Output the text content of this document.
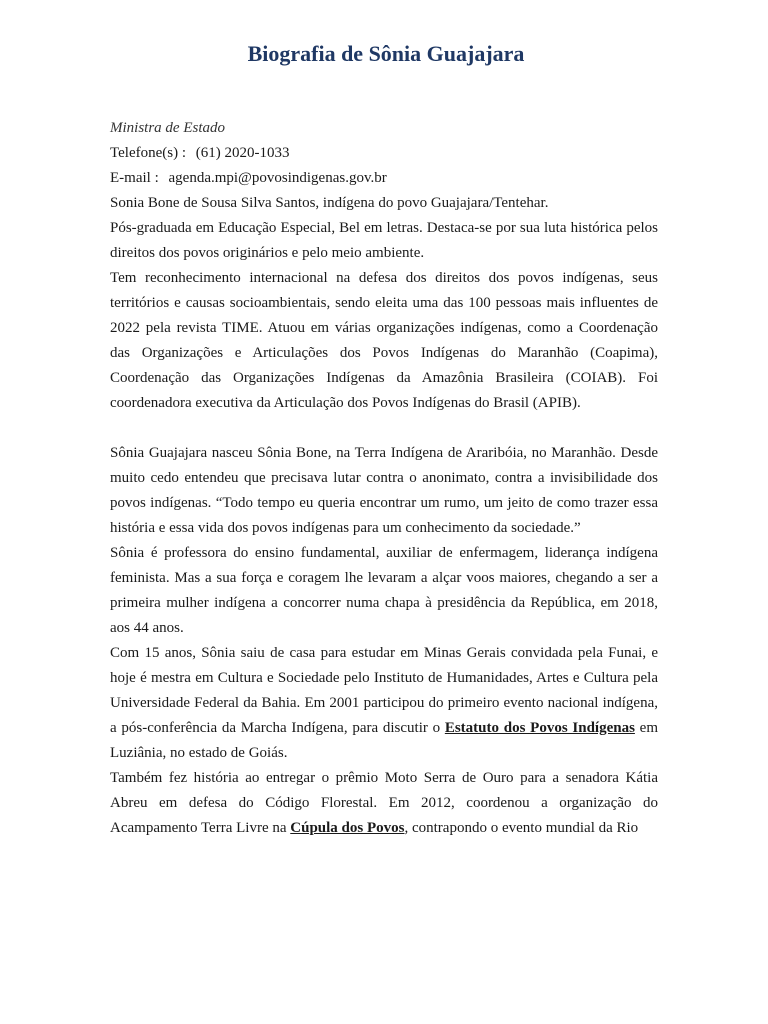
Biografia de Sônia Guajajara

Ministra de Estado

Telefone(s) : (61) 2020-1033

E-mail : agenda.mpi@povosindigenas.gov.br

Sonia Bone de Sousa Silva Santos, indígena do povo Guajajara/Tentehar.

Pós-graduada em Educação Especial, Bel em letras. Destaca-se por sua luta histórica pelos direitos dos povos originários e pelo meio ambiente.

Tem reconhecimento internacional na defesa dos direitos dos povos indígenas, seus territórios e causas socioambientais, sendo eleita uma das 100 pessoas mais influentes de 2022 pela revista TIME. Atuou em várias organizações indígenas, como a Coordenação das Organizações e Articulações dos Povos Indígenas do Maranhão (Coapima), Coordenação das Organizações Indígenas da Amazônia Brasileira (COIAB). Foi coordenadora executiva da Articulação dos Povos Indígenas do Brasil (APIB).

Sônia Guajajara nasceu Sônia Bone, na Terra Indígena de Araribóia, no Maranhão. Desde muito cedo entendeu que precisava lutar contra o anonimato, contra a invisibilidade dos povos indígenas. “Todo tempo eu queria encontrar um rumo, um jeito de como trazer essa história e essa vida dos povos indígenas para um conhecimento da sociedade.”

Sônia é professora do ensino fundamental, auxiliar de enfermagem, liderança indígena feminista. Mas a sua força e coragem lhe levaram a alçar voos maiores, chegando a ser a primeira mulher indígena a concorrer numa chapa à presidência da República, em 2018, aos 44 anos.

Com 15 anos, Sônia saiu de casa para estudar em Minas Gerais convidada pela Funai, e hoje é mestra em Cultura e Sociedade pelo Instituto de Humanidades, Artes e Cultura pela Universidade Federal da Bahia. Em 2001 participou do primeiro evento nacional indígena, a pós-conferência da Marcha Indígena, para discutir o Estatuto dos Povos Indígenas em Luziânia, no estado de Goiás.

Também fez história ao entregar o prêmio Moto Serra de Ouro para a senadora Kátia Abreu em defesa do Código Florestal. Em 2012, coordenou a organização do Acampamento Terra Livre na Cúpula dos Povos, contrapondo o evento mundial da Rio
